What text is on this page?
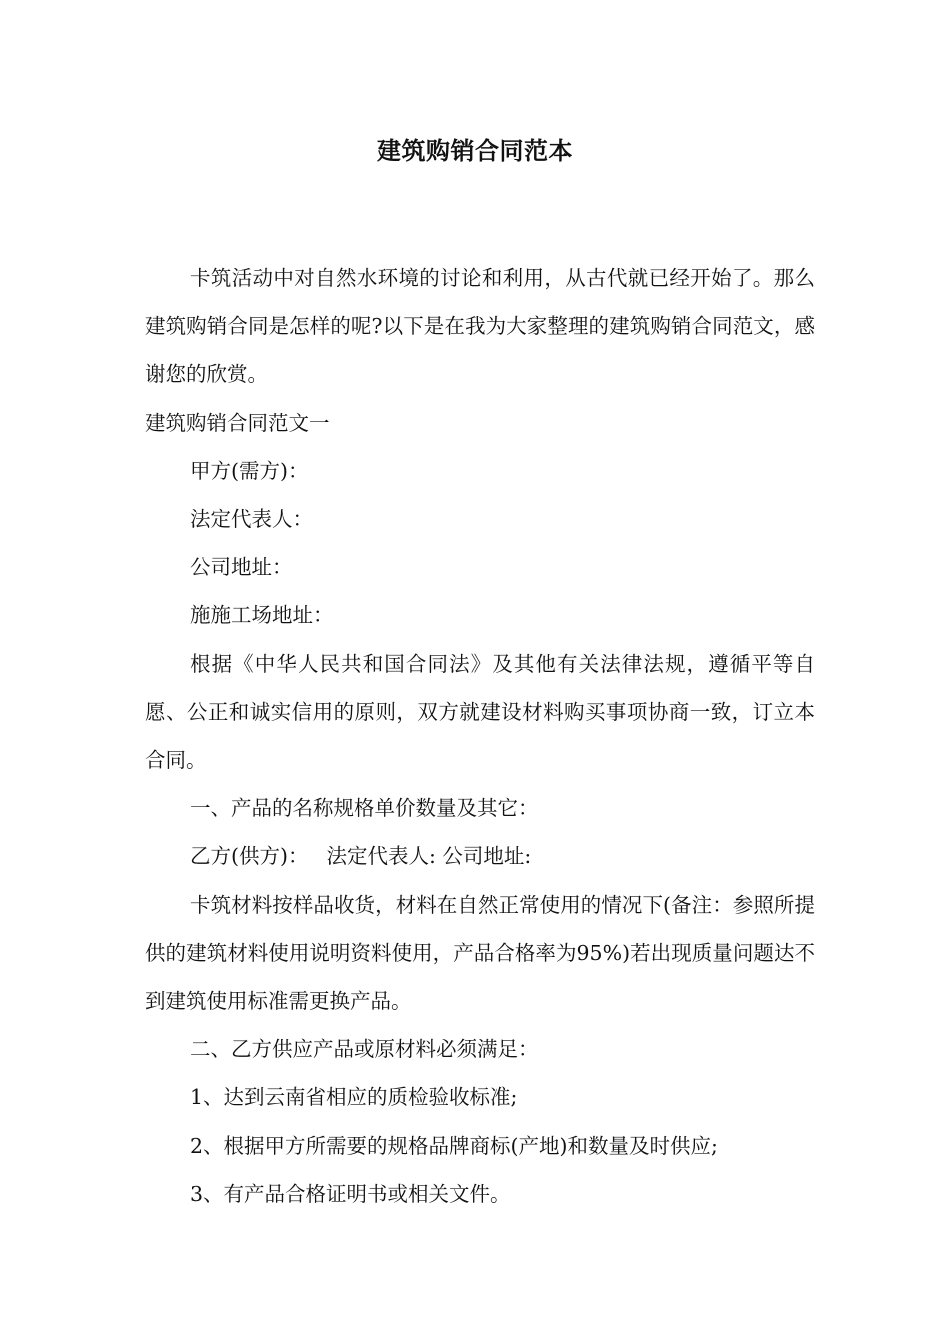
建筑购销合同范本

卡筑活动中对自然水环境的讨论和利用，从古代就已经开始了。那么建筑购销合同是怎样的呢?以下是在我为大家整理的建筑购销合同范文，感谢您的欣赏。

建筑购销合同范文一

甲方(需方)：

法定代表人：

公司地址：

施施工场地址：

根据《中华人民共和国合同法》及其他有关法律法规，遵循平等自愿、公正和诚实信用的原则，双方就建设材料购买事项协商一致，订立本合同。

一、产品的名称规格单价数量及其它：

乙方(供方)： 法定代表人: 公司地址:

卡筑材料按样品收货，材料在自然正常使用的情况下(备注：参照所提供的建筑材料使用说明资料使用，产品合格率为95%)若出现质量问题达不到建筑使用标准需更换产品。

二、乙方供应产品或原材料必须满足：

1、达到云南省相应的质检验收标准;

2、根据甲方所需要的规格品牌商标(产地)和数量及时供应;

3、有产品合格证明书或相关文件。
